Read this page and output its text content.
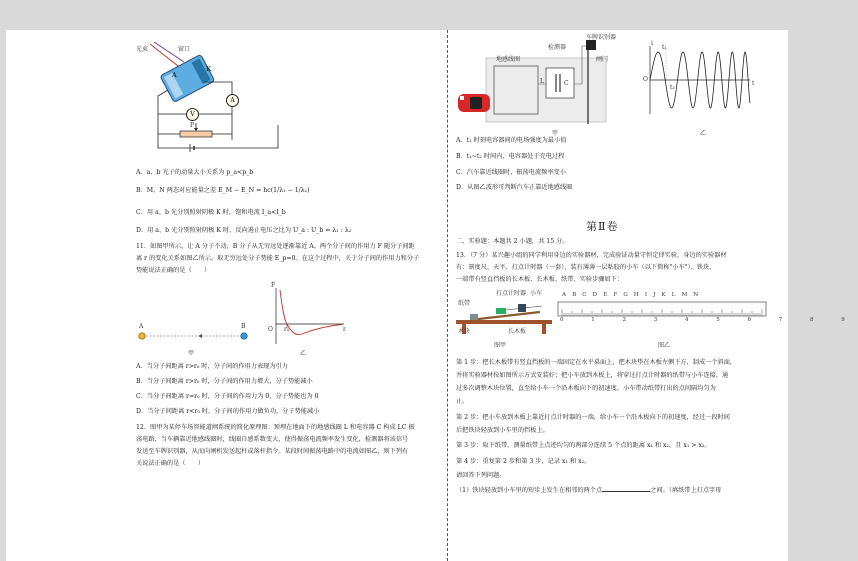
光束	窗口
A
K
V
A
P
A．a、b 光子的动量大小关系为 p_a<p_b
B．M、N 两态对应能量之差 E_M − E_N = hc(1/λ₁ − 1/λ₂)
C．用 a、b 光分别照射阴极 K 时，饱和电流 I_a<I_b
D．用 a、b 光分别照射阴极 K 时，反向遏止电压之比为 U_a : U_b = λ₁ : λ₂
11．如图甲所示，让 A 分子不动，B 分子从无穷远处逐渐靠近 A。两个分子间的作用力 F 随分子间距
离 r 的变化关系如图乙所示。取无穷远处分子势能 E_p=0。在这个过程中，关于分子间的作用力和分子
势能说法正确的是（　　）
A	B
甲
F
r
r₀
O
乙
A．当分子间距离 r>r₀ 时，分子间的作用力表现为引力
B．当分子间距离 r>r₀ 时，分子间的作用力增大，分子势能减小
C．当分子间距离 r=r₀ 时，分子间的作用力为 0，分子势能也为 0
D．当分子间距离 r<r₀ 时，分子间的作用力做负功，分子势能减小
12．图甲为某停车场智能道闸系统的简化原理图：预埋在地面下的地感线圈 L 和电容器 C 构成 LC 振
荡电路，当车辆靠近地感线圈时，线圈自感系数变大，使得振荡电流频率发生变化，检测器将该信号
发送至车牌识别器，从而向闸机发送起杆或落杆指令。某段时间振荡电路中的电流如图乙，则下列有
关说法正确的是（　　）
检测器
地感线圈
车牌识别器
闸门
L	C
甲
i
t
O
t₁
t₂
乙
A．t₁ 时刻电容器间的电场强度为最小值
B．t₁~t₂ 时间内，电容器处于充电过程
C．汽车靠近线圈时，振荡电流频率变小
D．从图乙波形可判断汽车正靠近地感线圈
第Ⅱ卷
二、实验题：本题共 2 小题，共 15 分。
13．（7 分）某兴趣小组的同学利用身边的实验器材，完成验证动量守恒定律实验，身边的实验器材
有：刻度尺、天平、打点计时器（一套）、装有薄薄一层粘胶的小车（以下简称"小车"）、铁块、
一端带有竖直挡板的长木板、长木板、纸带、实验步骤如下：
打点计时器 小车
纸带
木块	长木板
图甲
A B C D E F G H I J K L M N
0 1 2 3 4 5 6 7 8 9
图乙
第 1 步：把长木板带有竖直挡板的一端固定在水平桌面上，把木块垫在木板左侧下方，制成一个斜面，
并将实验器材按如图所示方式安装好；把小车放到木板上，将穿过打点计时器的纸带与小车连接，通
过多次调整木块位置，直至给小车一个沿木板向下的初速度，小车带动纸带打出的点间隔均匀为
止。
第 2 步：把小车放到木板上靠近打点计时器的一端，给小车一个沿木板向下的初速度，经过一段时间
后把铁块轻放到小车里的挡板上。
第 3 步：取下纸带，测量纸带上点迹均匀的两部分连续 5 个点的距离 x₁ 和 x₂，且 x₁ > x₂。
第 4 步：重复第 2 步和第 3 步，记录 x₁ 和 x₂。
请回答下列问题。
（1）铁块轻放到小车里的短步上发生在相邻的两个点	之间。（填纸带上打点字母
